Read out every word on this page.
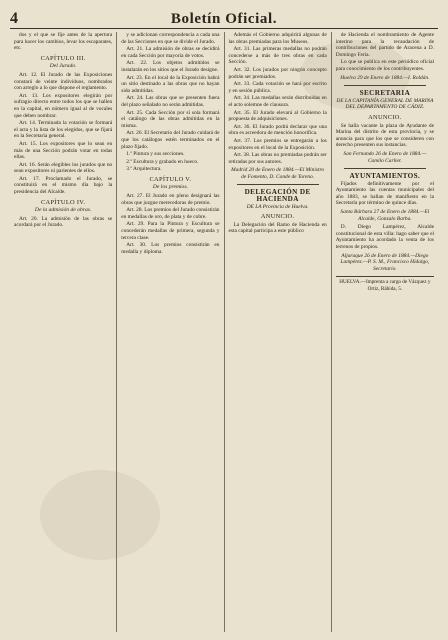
4	Boletín Oficial.

dos y el que se fije antes de la apertura para hacer los cambios, levar los escaparates, etc.

CAPÍTULO III.
Del Jurado.

Art. 12. El Jurado de las Exposiciones constará de veinte individuos, nombrados con arreglo a lo que dispone el reglamento.

Art. 13. Los expositores elegirán por sufragio directo entre todos los que se hallen en la capital, en número igual al de vocales que deben nombrar.

Art. 14. Terminada la votación se formará el acta y la lista de los elegidos, que se fijará en la Secretaría general.

Art. 15. Los expositores que lo sean en más de una Sección podrán votar en todas ellas.

Art. 16. Serán elegibles los jurados que no sean expositores ni parientes de ellos.

Art. 17. Proclamado el Jurado, se constituirá en el mismo día bajo la presidencia del Alcalde.

CAPÍTULO IV.
De la admisión de obras.

Art. 20. La admisión de las obras se acordará por el Jurado.

y se adicionan correspondencia a cada una de las Secciones en que se divide el Jurado.

Art. 21. La admisión de obras se decidirá en cada Sección por mayoría de votos.

Art. 22. Los objetos admitidos se instalarán en los sitios que el Jurado designe.

Art. 23. En el local de la Exposición habrá un sitio destinado a las obras que no hayan sido admitidas.

Art. 24. Las obras que se presenten fuera del plazo señalado no serán admitidas.

Art. 25. Cada Sección por sí sola formará el catálogo de las obras admitidas en la misma.

Art. 26. El Secretario del Jurado cuidará de que los catálogos estén terminados en el plazo fijado.

1.º Pintura y sus secciones.

2.º Escultura y grabado en hueco.

3.º Arquitectura.

CAPÍTULO V.
De los premios.

Art. 27. El Jurado en pleno designará las obras que juzgue merecedoras de premio.

Art. 28. Los premios del Jurado consistirán en medallas de oro, de plata y de cobre.

Art. 29. Para la Pintura y Escultura se concederán medallas de primera, segunda y tercera clase.

Art. 30. Los premios consistirán en medalla y diploma.

Además el Gobierno adquirirá algunas de las obras premiadas para los Museos.

Art. 31. Las primeras medallas no podrán concederse a más de tres obras en cada Sección.

Art. 32. Los jurados por ningún concepto podrán ser premiados.

Art. 33. Cada votación se hará por escrito y en sesión pública.

Art. 34. Las medallas serán distribuidas en el acto solemne de clausura.

Art. 35. El Jurado elevará al Gobierno la propuesta de adquisiciones.

Art. 36. El Jurado podrá declarar que una obra es acreedora de mención honorífica.

Art. 37. Los premios se entregarán a los expositores en el local de la Exposición.

Art. 38. Las obras no premiadas podrán ser retiradas por sus autores.

Madrid 20 de Enero de 1884.—El Ministro de Fomento, D. Conde de Toreno.
DELEGACIÓN DE HACIENDA
DE LA Provincia de Huelva.
ANUNCIO.

La Delegación del Ramo de Hacienda en esta capital participa a este público

de Hacienda el nombramiento de Agente interino para la recaudación de contribuciones del partido de Aracena a D. Domingo Feria.

Lo que se publica en este periódico oficial para conocimiento de los contribuyentes.

Huelva 29 de Enero de 1884.—I. Roldán.
SECRETARIA
DE LA CAPITANÍA GENERAL DE MARINA DEL DEPARTAMENTO DE CÁDIZ.
ANUNCIO.

Se halla vacante la plaza de Ayudante de Marina del distrito de esta provincia, y se anuncia para que los que se consideren con derecho presenten sus instancias.

San Fernando 26 de Enero de 1884.—Camilo Carlier.
AYUNTAMIENTOS.

Fijados definitivamente por el Ayuntamiento las cuentas municipales del año 1883, se hallan de manifiesto en la Secretaría por término de quince días.

Santa Bárbara 27 de Enero de 1884.—El Alcalde, Gonzalo Barba.

D. Diego Lampérez, Alcalde constitucional de esta villa: hago saber que el Ayuntamiento ha acordado la venta de los terrenos de propios.

Aljaraque 26 de Enero de 1884.—Diego Lampérez.—P. S. M., Francisco Hidalgo, Secretario.
HUELVA.—Imprenta a cargo de Vázquez y Ortiz, Rábida, 5.
